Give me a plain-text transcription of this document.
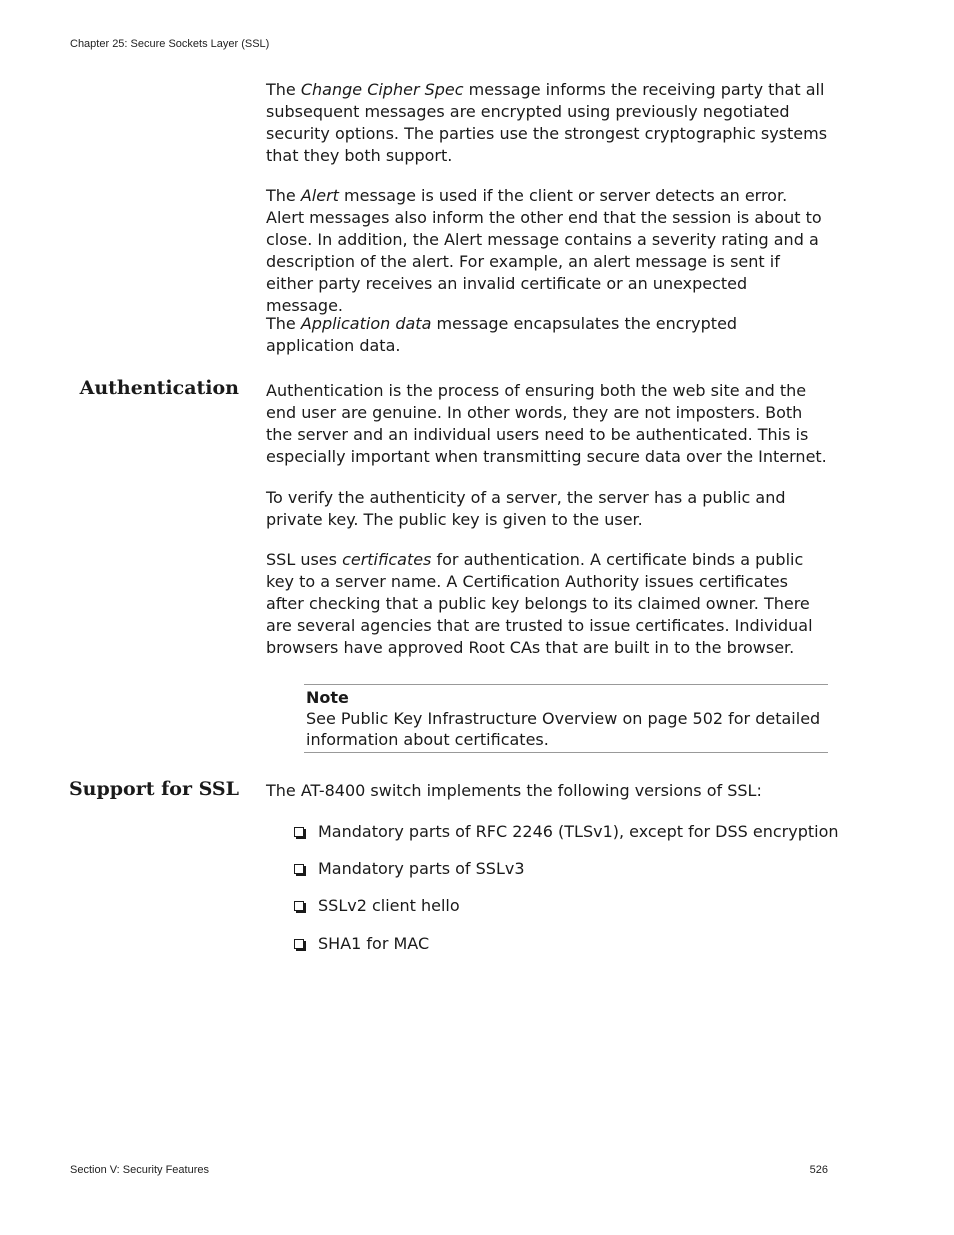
Chapter 25: Secure Sockets Layer (SSL)

The Change Cipher Spec message informs the receiving party that all subsequent messages are encrypted using previously negotiated security options. The parties use the strongest cryptographic systems that they both support.

The Alert message is used if the client or server detects an error. Alert messages also inform the other end that the session is about to close. In addition, the Alert message contains a severity rating and a description of the alert. For example, an alert message is sent if either party receives an invalid certificate or an unexpected message.

The Application data message encapsulates the encrypted application data.

Authentication Authentication is the process of ensuring both the web site and the end user are genuine. In other words, they are not imposters. Both the server and an individual users need to be authenticated. This is especially important when transmitting secure data over the Internet.

To verify the authenticity of a server, the server has a public and private key. The public key is given to the user.

SSL uses certificates for authentication. A certificate binds a public key to a server name. A Certification Authority issues certificates after checking that a public key belongs to its claimed owner. There are several agencies that are trusted to issue certificates. Individual browsers have approved Root CAs that are built in to the browser.

Note
See Public Key Infrastructure Overview on page 502 for detailed information about certificates.
Support for SSL The AT-8400 switch implements the following versions of SSL:

Mandatory parts of RFC 2246 (TLSv1), except for DSS encryption
Mandatory parts of SSLv3
SSLv2 client hello
SHA1 for MAC
Section V: Security Features	526
